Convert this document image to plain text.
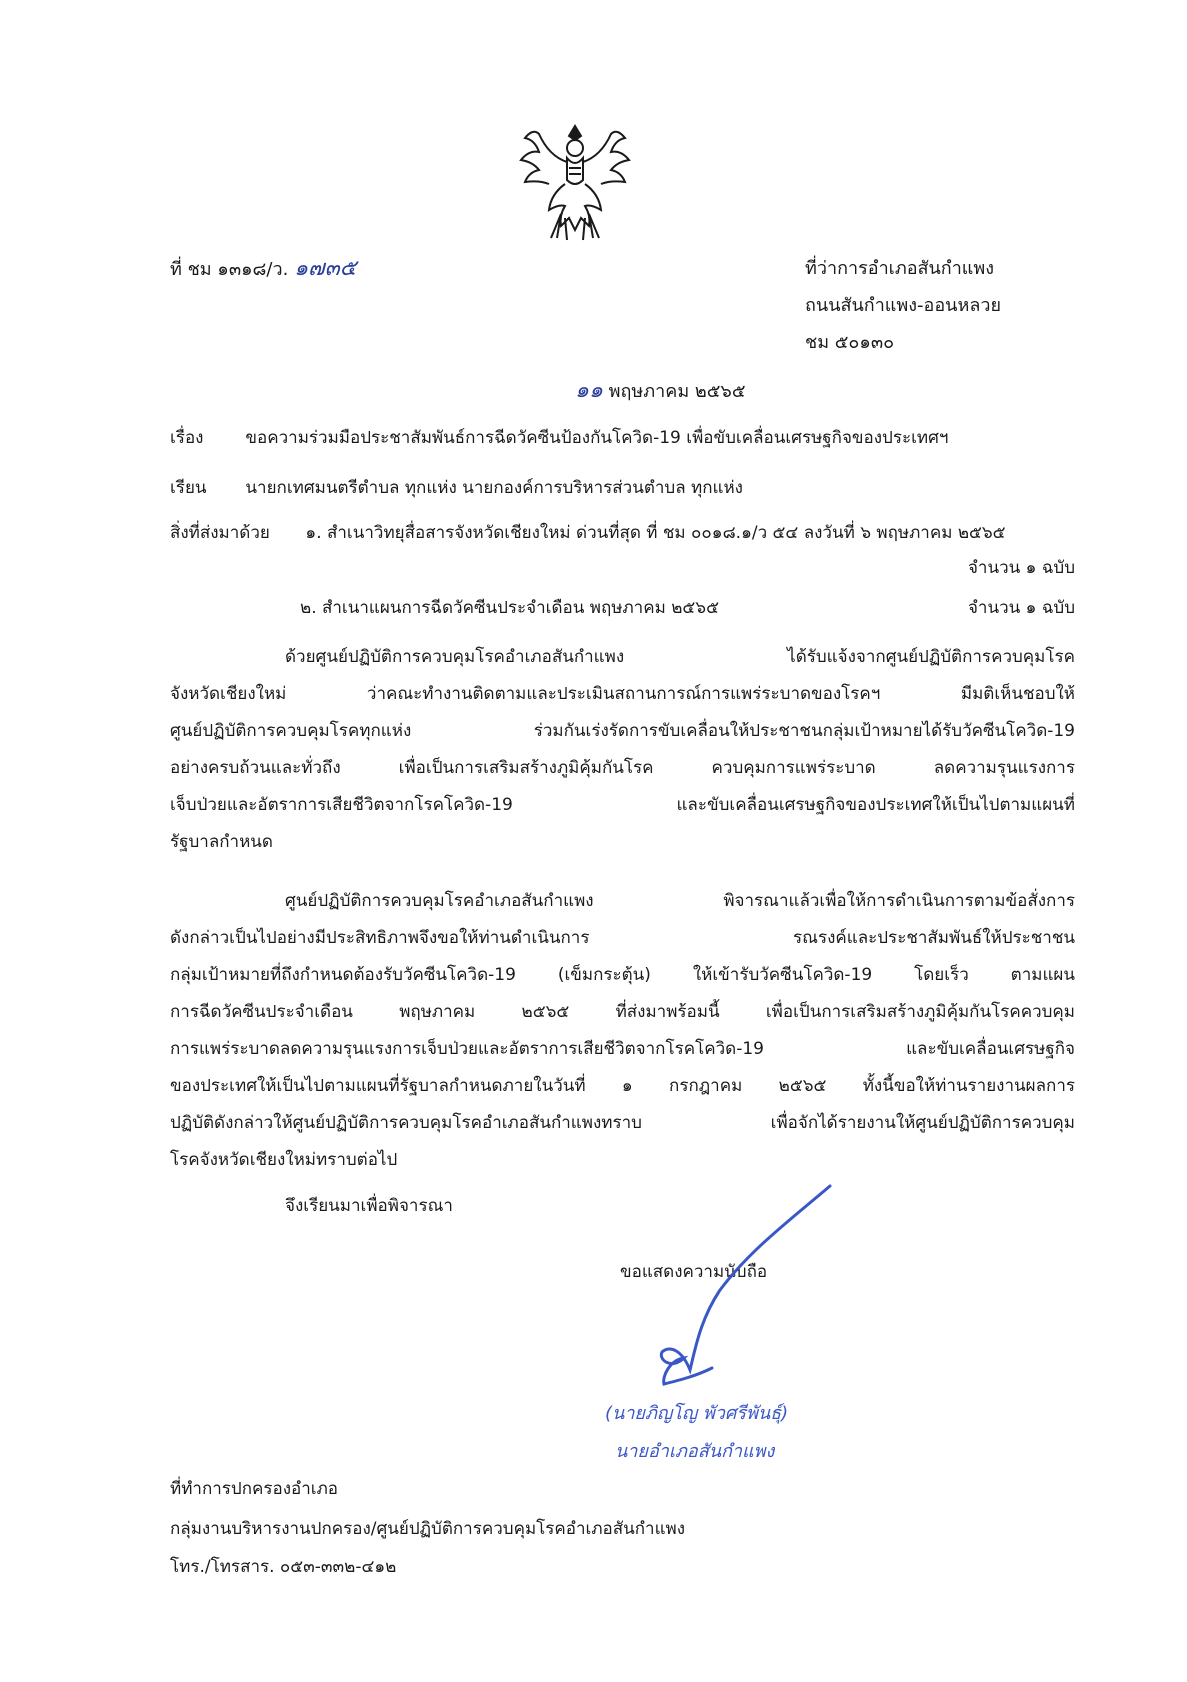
ที่ ชม ๑๓๑๘/ว. ๑๗๓๕	ที่ว่าการอำเภอสันกำแพง
ถนนสันกำแพง-ออนหลวย
ชม ๕๐๑๓๐
๑๑ พฤษภาคม ๒๕๖๕
เรื่อง ขอความร่วมมือประชาสัมพันธ์การฉีดวัคซีนป้องกันโควิด-19 เพื่อขับเคลื่อนเศรษฐกิจของประเทศฯ
เรียน นายกเทศมนตรีตำบล ทุกแห่ง นายกองค์การบริหารส่วนตำบล ทุกแห่ง
สิ่งที่ส่งมาด้วย ๑. สำเนาวิทยุสื่อสารจังหวัดเชียงใหม่ ด่วนที่สุด ที่ ชม ๐๐๑๘.๑/ว ๕๔ ลงวันที่ ๖ พฤษภาคม ๒๕๖๕
จำนวน ๑ ฉบับ
๒. สำเนาแผนการฉีดวัคซีนประจำเดือน พฤษภาคม ๒๕๖๕	จำนวน ๑ ฉบับ
ด้วยศูนย์ปฏิบัติการควบคุมโรคอำเภอสันกำแพง ได้รับแจ้งจากศูนย์ปฏิบัติการควบคุมโรค
จังหวัดเชียงใหม่ ว่าคณะทำงานติดตามและประเมินสถานการณ์การแพร่ระบาดของโรคฯ มีมติเห็นชอบให้
ศูนย์ปฏิบัติการควบคุมโรคทุกแห่ง ร่วมกันเร่งรัดการขับเคลื่อนให้ประชาชนกลุ่มเป้าหมายได้รับวัคซีนโควิด-19
อย่างครบถ้วนและทั่วถึง เพื่อเป็นการเสริมสร้างภูมิคุ้มกันโรค ควบคุมการแพร่ระบาด ลดความรุนแรงการ
เจ็บป่วยและอัตราการเสียชีวิตจากโรคโควิด-19 และขับเคลื่อนเศรษฐกิจของประเทศให้เป็นไปตามแผนที่
รัฐบาลกำหนด
ศูนย์ปฏิบัติการควบคุมโรคอำเภอสันกำแพง พิจารณาแล้วเพื่อให้การดำเนินการตามข้อสั่งการ
ดังกล่าวเป็นไปอย่างมีประสิทธิภาพจึงขอให้ท่านดำเนินการ รณรงค์และประชาสัมพันธ์ให้ประชาชน
กลุ่มเป้าหมายที่ถึงกำหนดต้องรับวัคซีนโควิด-19 (เข็มกระตุ้น) ให้เข้ารับวัคซีนโควิด-19 โดยเร็ว ตามแผน
การฉีดวัคซีนประจำเดือน พฤษภาคม ๒๕๖๕ ที่ส่งมาพร้อมนี้ เพื่อเป็นการเสริมสร้างภูมิคุ้มกันโรคควบคุม
การแพร่ระบาดลดความรุนแรงการเจ็บป่วยและอัตราการเสียชีวิตจากโรคโควิด-19 และขับเคลื่อนเศรษฐกิจ
ของประเทศให้เป็นไปตามแผนที่รัฐบาลกำหนดภายในวันที่ ๑ กรกฎาคม ๒๕๖๕ ทั้งนี้ขอให้ท่านรายงานผลการ
ปฏิบัติดังกล่าวให้ศูนย์ปฏิบัติการควบคุมโรคอำเภอสันกำแพงทราบ เพื่อจักได้รายงานให้ศูนย์ปฏิบัติการควบคุม
โรคจังหวัดเชียงใหม่ทราบต่อไป
จึงเรียนมาเพื่อพิจารณา
ขอแสดงความนับถือ
(นายภิญโญ พัวศรีพันธุ์)
นายอำเภอสันกำแพง
ที่ทำการปกครองอำเภอ
กลุ่มงานบริหารงานปกครอง/ศูนย์ปฏิบัติการควบคุมโรคอำเภอสันกำแพง
โทร./โทรสาร. ๐๕๓-๓๓๒-๔๑๒
